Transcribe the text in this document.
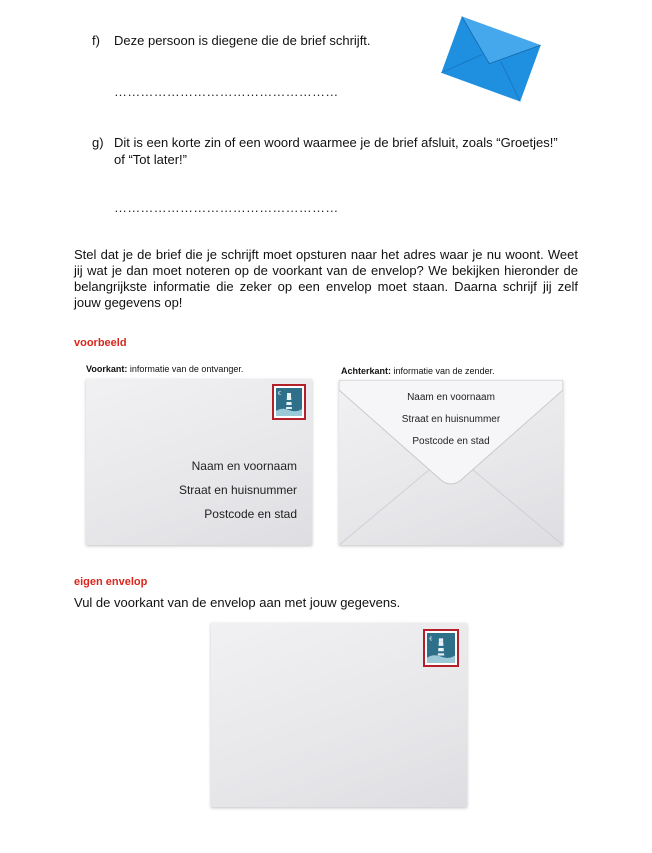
f) Deze persoon is diegene die de brief schrijft.
……………………………………………
g) Dit is een korte zin of een woord waarmee je de brief afsluit, zoals “Groetjes!”
of “Tot later!”
……………………………………………
Stel dat je de brief die je schrijft moet opsturen naar het adres waar je nu woont. Weet jij wat je dan moet noteren op de voorkant van de envelop? We bekijken hieronder de belangrijkste informatie die zeker op een envelop moet staan. Daarna schrijf jij zelf jouw gegevens op!
voorbeeld
Voorkant: informatie van de ontvanger.
€
Naam en voornaam
Straat en huisnummer
Postcode en stad
Achterkant: informatie van de zender.
Naam en voornaam
Straat en huisnummer
Postcode en stad
eigen envelop
Vul de voorkant van de envelop aan met jouw gegevens.
€
